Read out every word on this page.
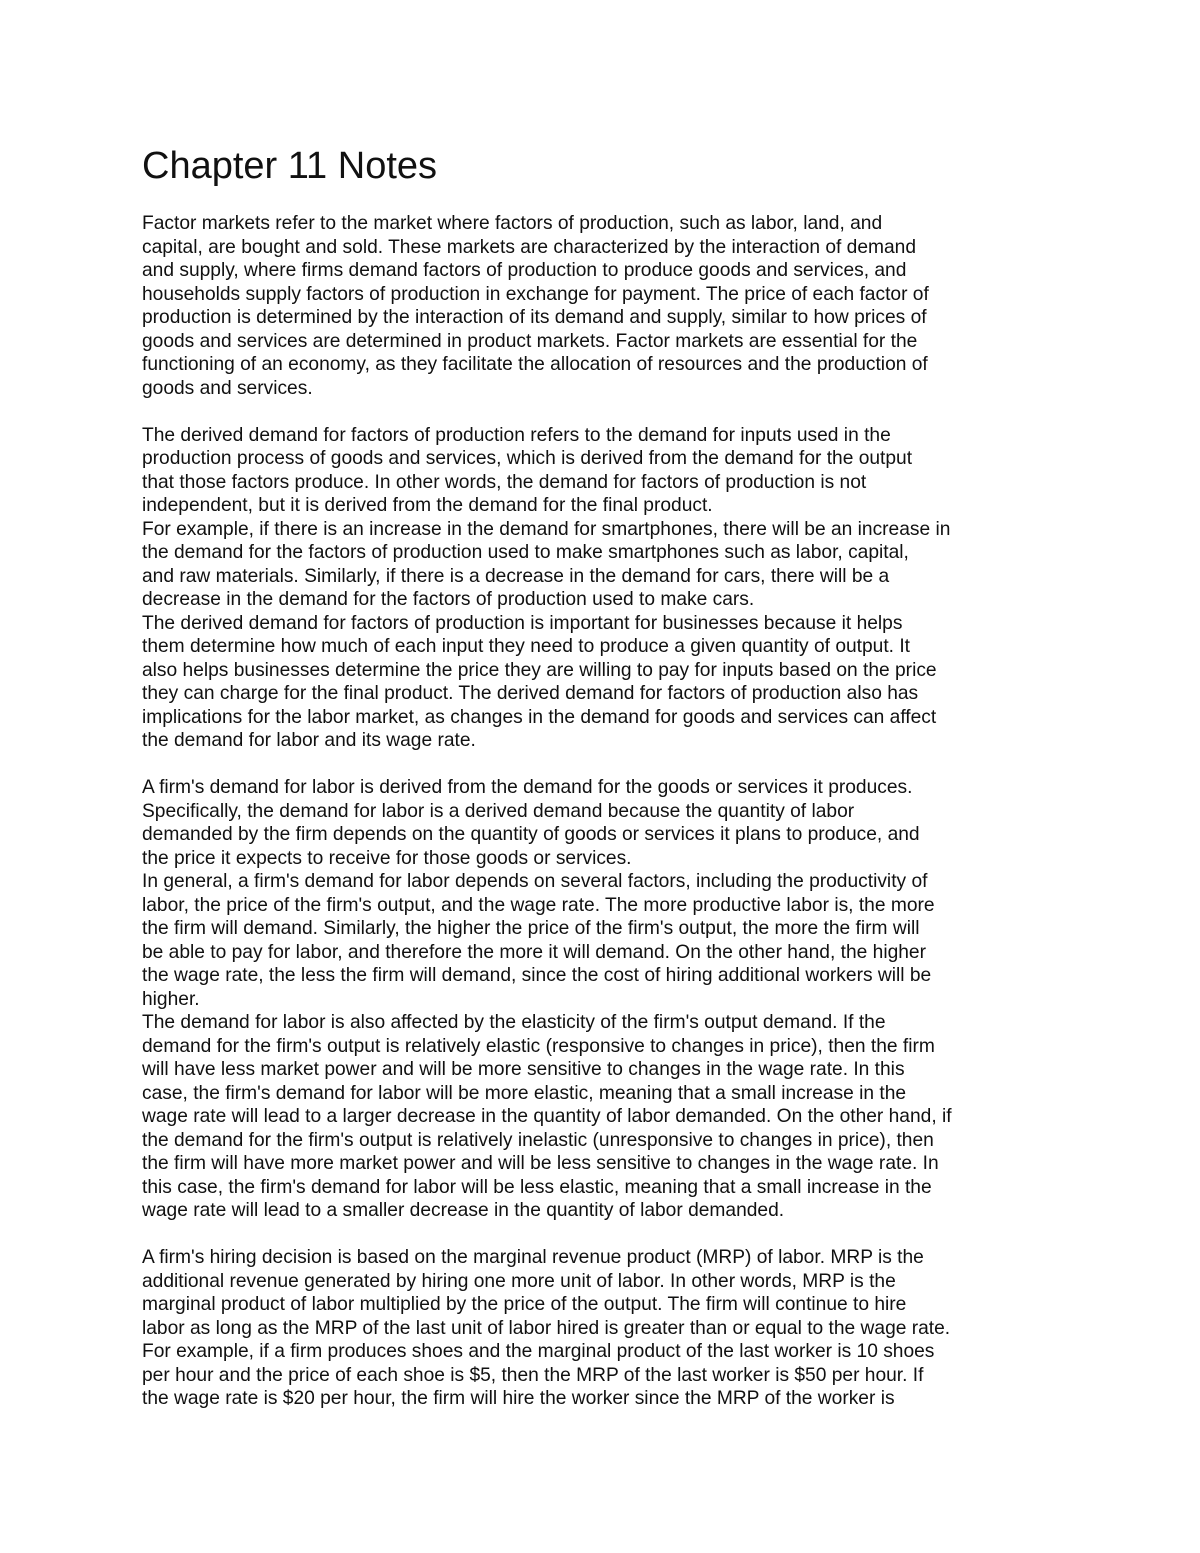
Chapter 11 Notes
Factor markets refer to the market where factors of production, such as labor, land, and
capital, are bought and sold. These markets are characterized by the interaction of demand
and supply, where firms demand factors of production to produce goods and services, and
households supply factors of production in exchange for payment. The price of each factor of
production is determined by the interaction of its demand and supply, similar to how prices of
goods and services are determined in product markets. Factor markets are essential for the
functioning of an economy, as they facilitate the allocation of resources and the production of
goods and services.
The derived demand for factors of production refers to the demand for inputs used in the
production process of goods and services, which is derived from the demand for the output
that those factors produce. In other words, the demand for factors of production is not
independent, but it is derived from the demand for the final product.
For example, if there is an increase in the demand for smartphones, there will be an increase in
the demand for the factors of production used to make smartphones such as labor, capital,
and raw materials. Similarly, if there is a decrease in the demand for cars, there will be a
decrease in the demand for the factors of production used to make cars.
The derived demand for factors of production is important for businesses because it helps
them determine how much of each input they need to produce a given quantity of output. It
also helps businesses determine the price they are willing to pay for inputs based on the price
they can charge for the final product. The derived demand for factors of production also has
implications for the labor market, as changes in the demand for goods and services can affect
the demand for labor and its wage rate.
A firm's demand for labor is derived from the demand for the goods or services it produces.
Specifically, the demand for labor is a derived demand because the quantity of labor
demanded by the firm depends on the quantity of goods or services it plans to produce, and
the price it expects to receive for those goods or services.
In general, a firm's demand for labor depends on several factors, including the productivity of
labor, the price of the firm's output, and the wage rate. The more productive labor is, the more
the firm will demand. Similarly, the higher the price of the firm's output, the more the firm will
be able to pay for labor, and therefore the more it will demand. On the other hand, the higher
the wage rate, the less the firm will demand, since the cost of hiring additional workers will be
higher.
The demand for labor is also affected by the elasticity of the firm's output demand. If the
demand for the firm's output is relatively elastic (responsive to changes in price), then the firm
will have less market power and will be more sensitive to changes in the wage rate. In this
case, the firm's demand for labor will be more elastic, meaning that a small increase in the
wage rate will lead to a larger decrease in the quantity of labor demanded. On the other hand, if
the demand for the firm's output is relatively inelastic (unresponsive to changes in price), then
the firm will have more market power and will be less sensitive to changes in the wage rate. In
this case, the firm's demand for labor will be less elastic, meaning that a small increase in the
wage rate will lead to a smaller decrease in the quantity of labor demanded.
A firm's hiring decision is based on the marginal revenue product (MRP) of labor. MRP is the
additional revenue generated by hiring one more unit of labor. In other words, MRP is the
marginal product of labor multiplied by the price of the output. The firm will continue to hire
labor as long as the MRP of the last unit of labor hired is greater than or equal to the wage rate.
For example, if a firm produces shoes and the marginal product of the last worker is 10 shoes
per hour and the price of each shoe is $5, then the MRP of the last worker is $50 per hour. If
the wage rate is $20 per hour, the firm will hire the worker since the MRP of the worker is
